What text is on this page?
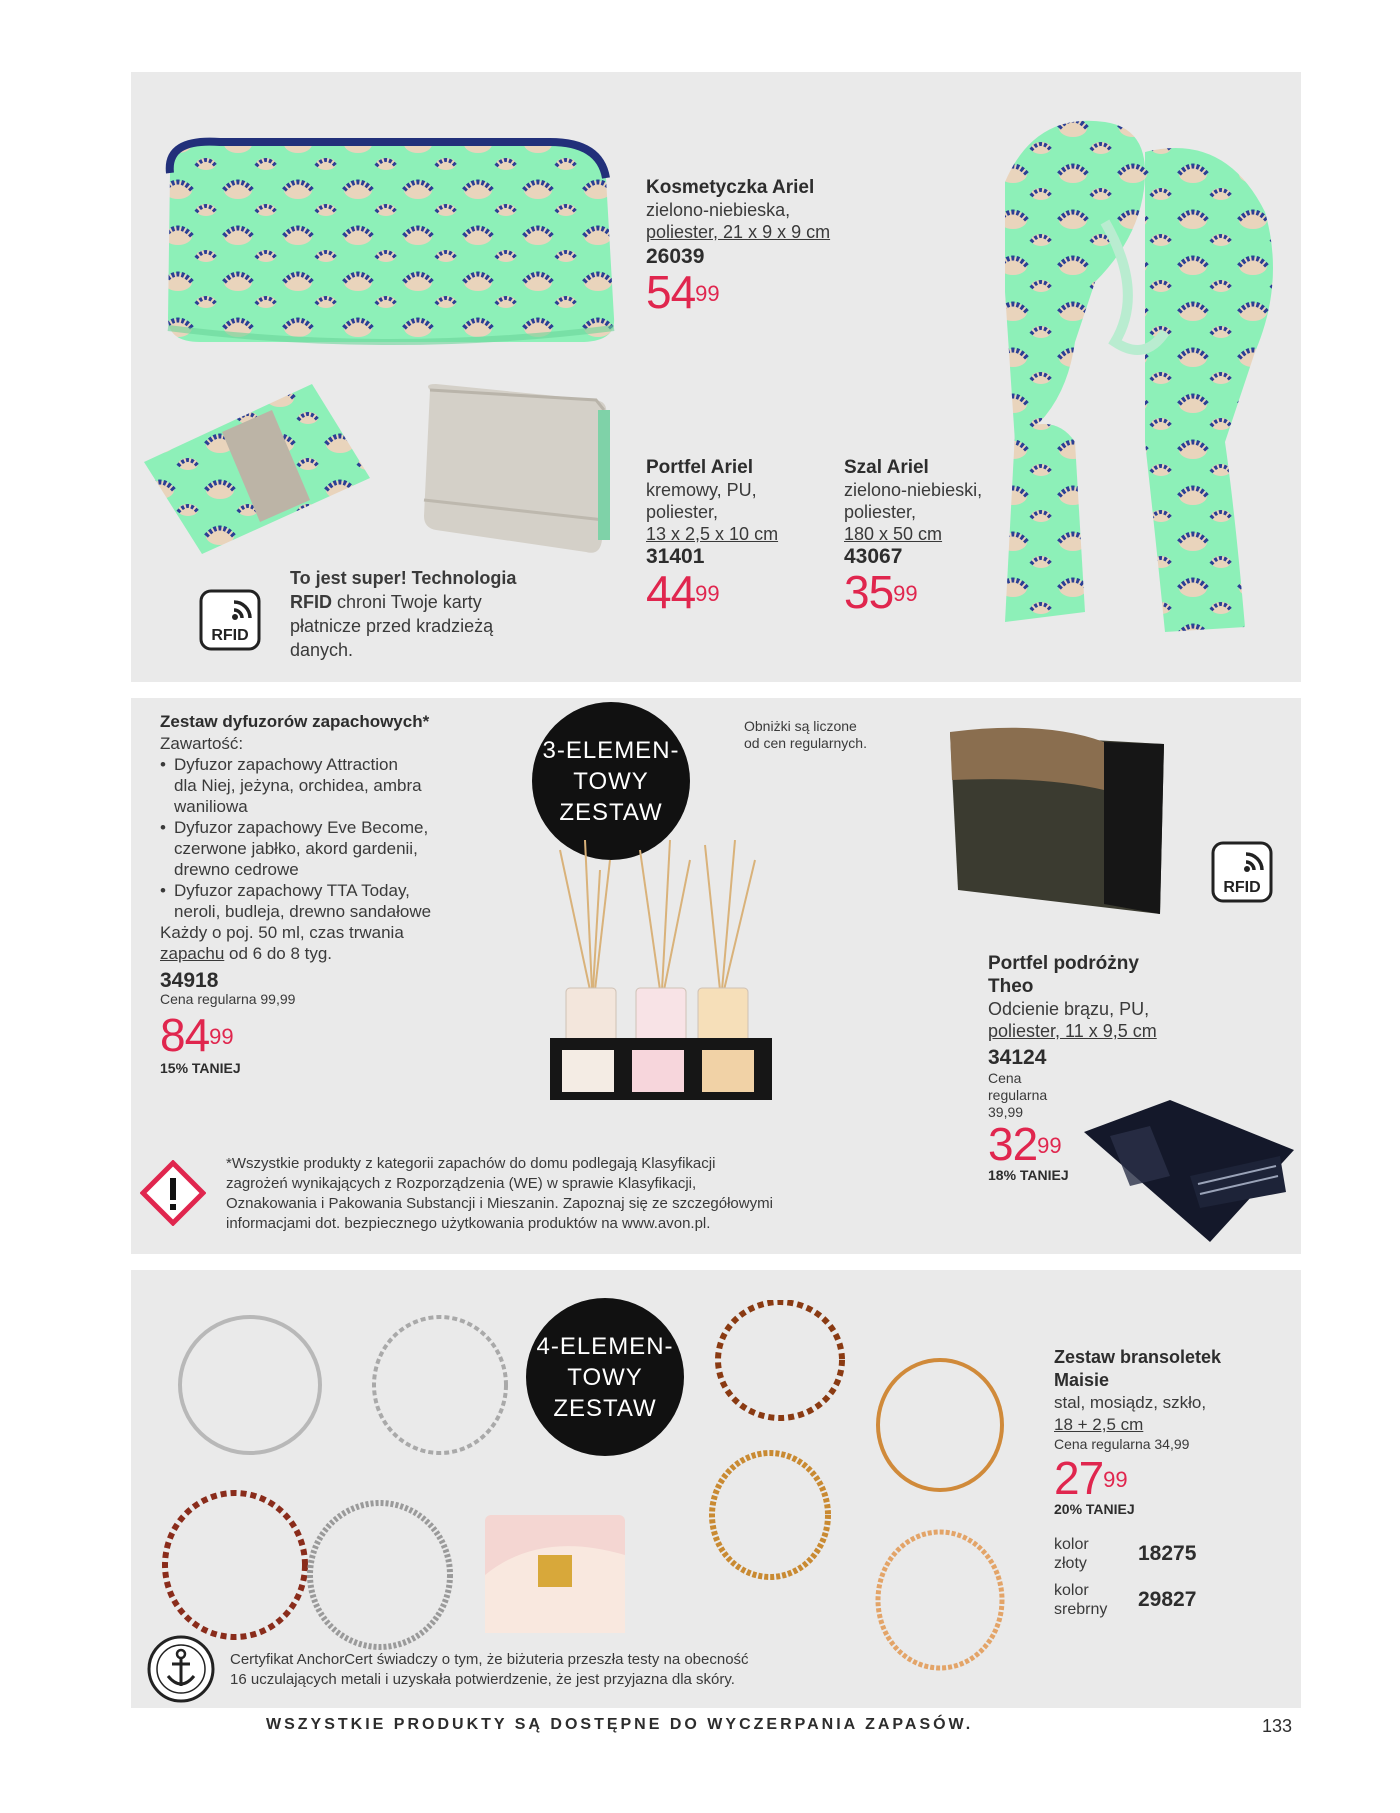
Kosmetyczka Ariel
zielono-niebieska,
poliester, 21 x 9 x 9 cm
26039
$54^{99}$
Portfel Ariel
kremowy, PU,
poliester,
13 x 2,5 x 10 cm
31401
$44^{99}$
Szal Ariel
zielono-niebieski,
poliester,
180 x 50 cm
43067
$35^{99}$
RFID
To jest super! Technologia
RFID chroni Twoje karty
płatnicze przed kradzieżą
danych.
Zestaw dyfuzorów zapachowych*
Zawartość:
• Dyfuzor zapachowy Attraction
dla Niej, jeżyna, orchidea, ambra
waniliowa
• Dyfuzor zapachowy Eve Become,
czerwone jabłko, akord gardenii,
drewno cedrowe
• Dyfuzor zapachowy TTA Today,
neroli, budleja, drewno sandałowe
Każdy o poj. 50 ml, czas trwania
zapachu od 6 do 8 tyg.
34918
Cena regularna 99,99
$84^{99}$
15% TANIEJ
3-ELEMEN-
TOWY
ZESTAW
Obniżki są liczone
od cen regularnych.
RFID
Portfel podróżny
Theo
Odcienie brązu, PU,
poliester, 11 x 9,5 cm
34124
Cena
regularna
39,99
$32^{99}$
18% TANIEJ
*Wszystkie produkty z kategorii zapachów do domu podlegają Klasyfikacji
zagrożeń wynikających z Rozporządzenia (WE) w sprawie Klasyfikacji,
Oznakowania i Pakowania Substancji i Mieszanin. Zapoznaj się ze szczegółowymi
informacjami dot. bezpiecznego użytkowania produktów na www.avon.pl.
4-ELEMEN-
TOWY
ZESTAW
Zestaw bransoletek
Maisie
stal, mosiądz, szkło,
18 + 2,5 cm
Cena regularna 34,99
$27^{99}$
20% TANIEJ
kolor
złoty	18275
kolor
srebrny	29827
Certyfikat AnchorCert świadczy o tym, że biżuteria przeszła testy na obecność
16 uczulających metali i uzyskała potwierdzenie, że jest przyjazna dla skóry.
WSZYSTKIE PRODUKTY SĄ DOSTĘPNE DO WYCZERPANIA ZAPASÓW.	133
